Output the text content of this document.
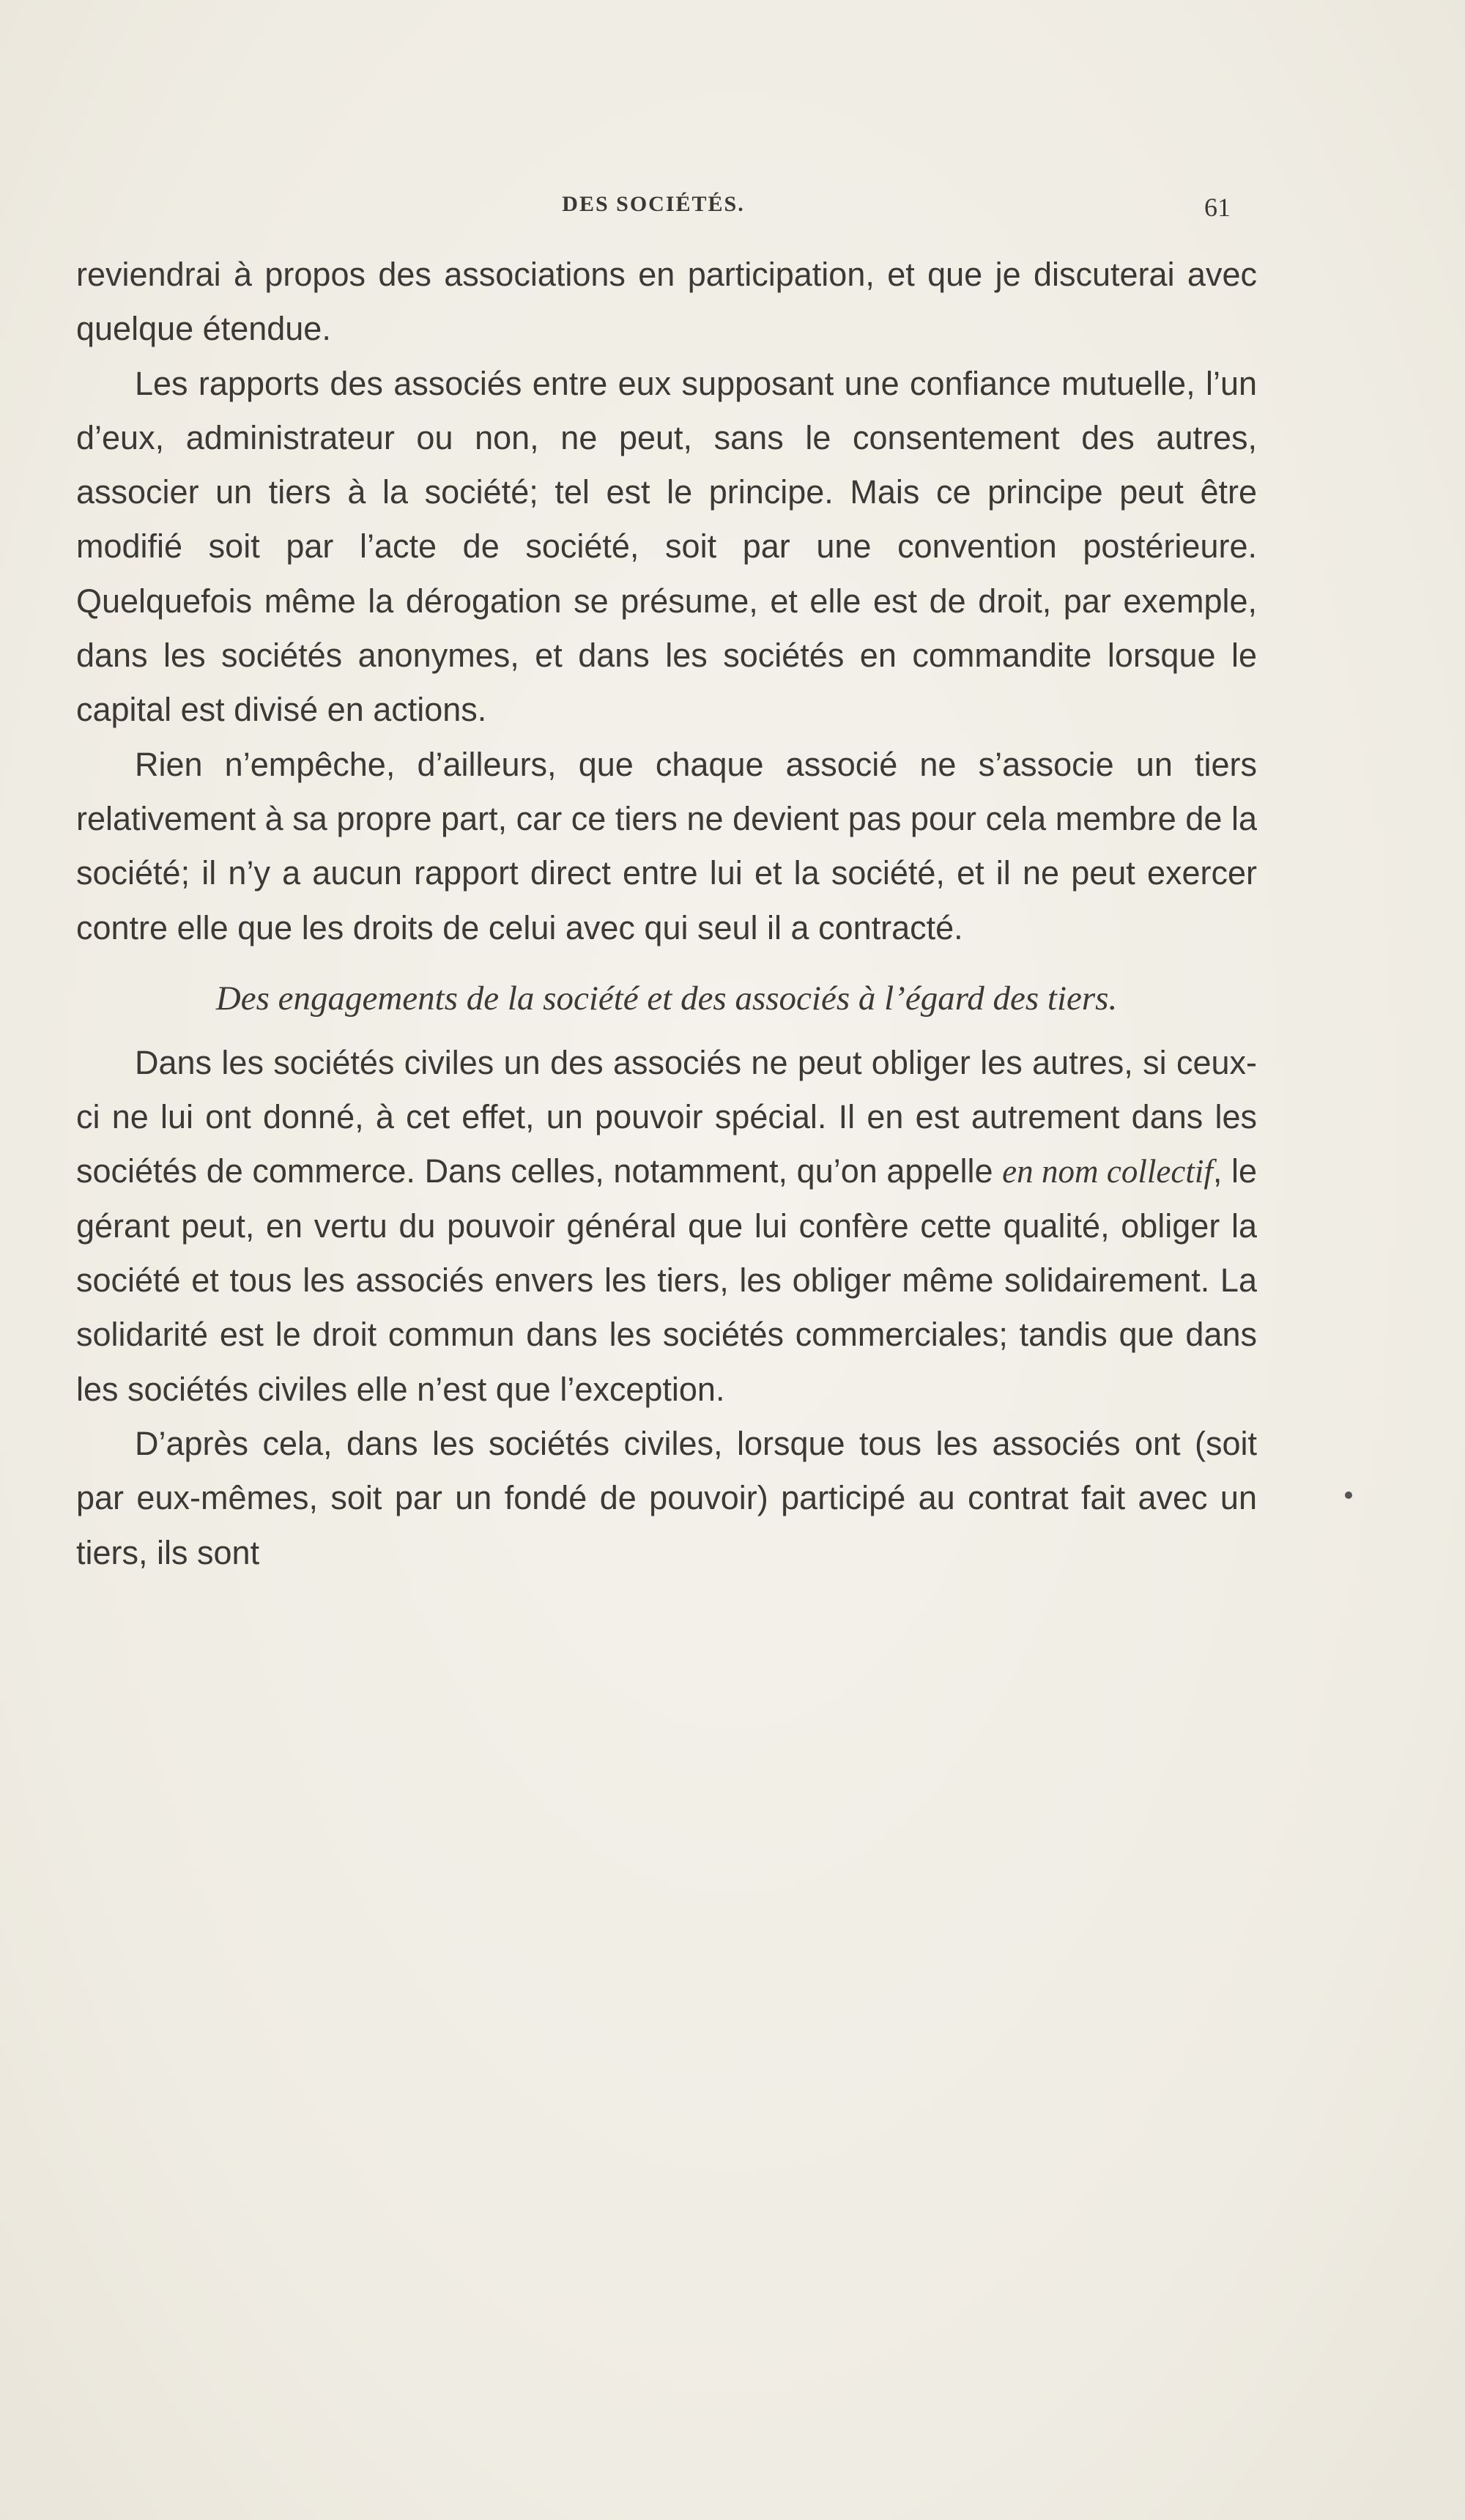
DES SOCIÉTÉS.	61

reviendrai à propos des associations en participation, et que je discuterai avec quelque étendue.

Les rapports des associés entre eux supposant une confiance mutuelle, l’un d’eux, administrateur ou non, ne peut, sans le consentement des autres, associer un tiers à la société; tel est le principe. Mais ce principe peut être modifié soit par l’acte de société, soit par une convention postérieure. Quelquefois même la dérogation se présume, et elle est de droit, par exemple, dans les sociétés anonymes, et dans les sociétés en commandite lorsque le capital est divisé en actions.

Rien n’empêche, d’ailleurs, que chaque associé ne s’associe un tiers relativement à sa propre part, car ce tiers ne devient pas pour cela membre de la société; il n’y a aucun rapport direct entre lui et la société, et il ne peut exercer contre elle que les droits de celui avec qui seul il a contracté.

Des engagements de la société et des associés à l’égard des tiers.

Dans les sociétés civiles un des associés ne peut obliger les autres, si ceux-ci ne lui ont donné, à cet effet, un pouvoir spécial. Il en est autrement dans les sociétés de commerce. Dans celles, notamment, qu’on appelle en nom collectif, le gérant peut, en vertu du pouvoir général que lui confère cette qualité, obliger la société et tous les associés envers les tiers, les obliger même solidairement. La solidarité est le droit commun dans les sociétés commerciales; tandis que dans les sociétés civiles elle n’est que l’exception.

D’après cela, dans les sociétés civiles, lorsque tous les associés ont (soit par eux-mêmes, soit par un fondé de pouvoir) participé au contrat fait avec un tiers, ils sont
